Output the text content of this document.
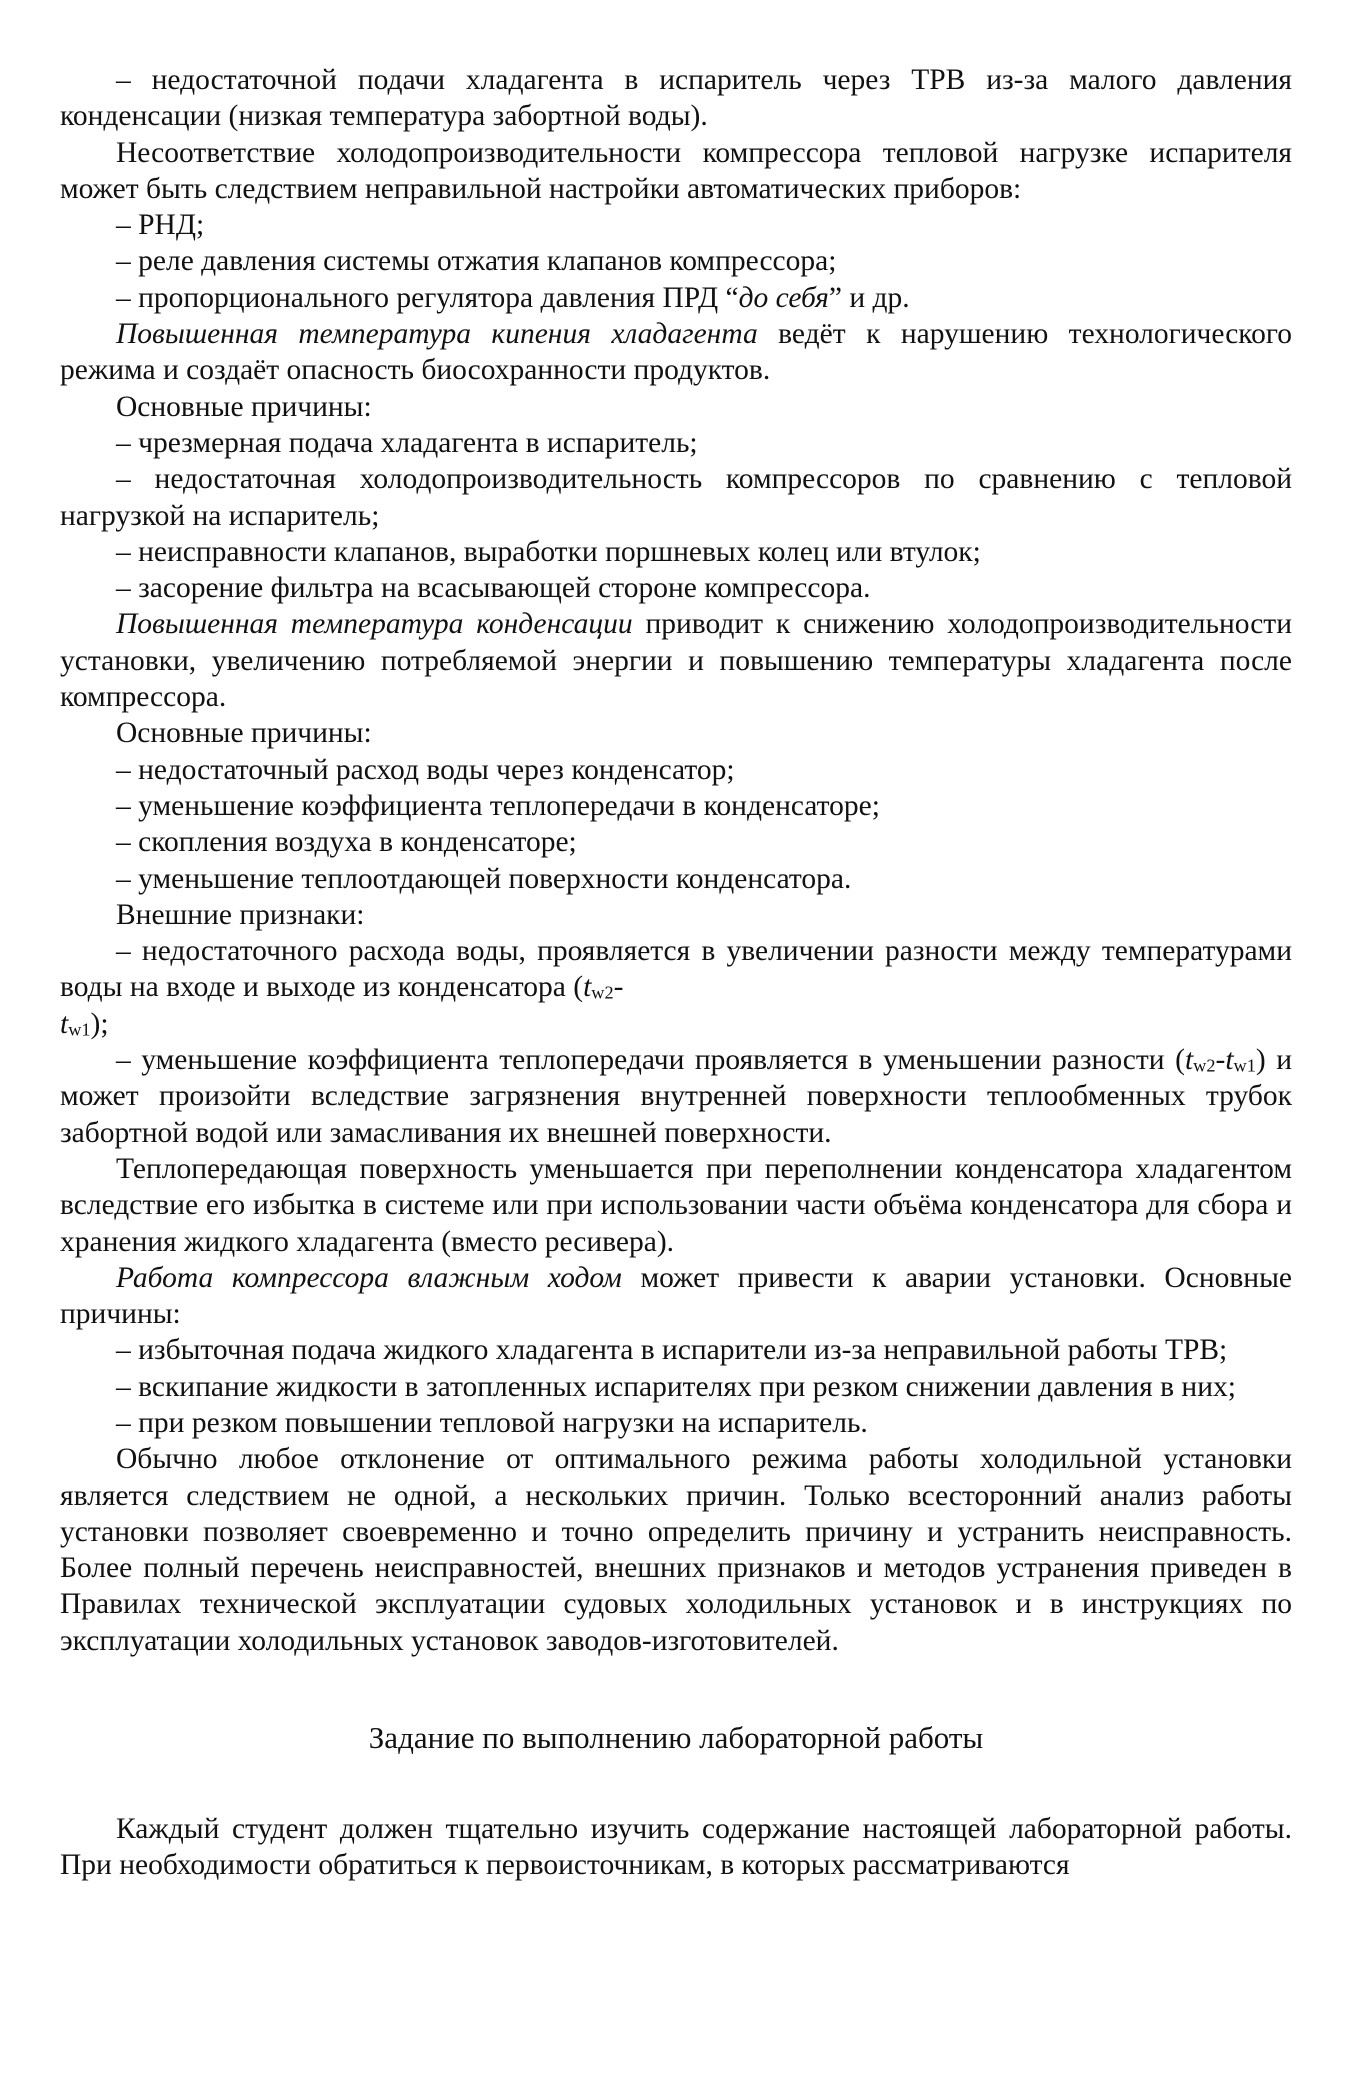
– недостаточной подачи хладагента в испаритель через ТРВ из-за малого давления конденсации (низкая температура забортной воды).

Несоответствие холодопроизводительности компрессора тепловой нагрузке испарителя может быть следствием неправильной настройки автоматических приборов:

– РНД;

– реле давления системы отжатия клапанов компрессора;

– пропорционального регулятора давления ПРД “до себя” и др.

Повышенная температура кипения хладагента ведёт к нарушению технологического режима и создаёт опасность биосохранности продуктов.

Основные причины:

– чрезмерная подача хладагента в испаритель;

– недостаточная холодопроизводительность компрессоров по сравнению с тепловой нагрузкой на испаритель;

– неисправности клапанов, выработки поршневых колец или втулок;

– засорение фильтра на всасывающей стороне компрессора.

Повышенная температура конденсации приводит к снижению холодопроизводительности установки, увеличению потребляемой энергии и повышению температуры хладагента после компрессора.

Основные причины:

– недостаточный расход воды через конденсатор;

– уменьшение коэффициента теплопередачи в конденсаторе;

– скопления воздуха в конденсаторе;

– уменьшение теплоотдающей поверхности конденсатора.

Внешние признаки:

– недостаточного расхода воды, проявляется в увеличении разности между температурами воды на входе и выходе из конденсатора ($t_{w2}-$
$t_{w1}$);

– уменьшение коэффициента теплопередачи проявляется в уменьшении разности $(t_{w2}-t_{w1})$ и может произойти вследствие загрязнения внутренней поверхности теплообменных трубок забортной водой или замасливания их внешней поверхности.

Теплопередающая поверхность уменьшается при переполнении конденсатора хладагентом вследствие его избытка в системе или при использовании части объёма конденсатора для сбора и хранения жидкого хладагента (вместо ресивера).

Работа компрессора влажным ходом может привести к аварии установки. Основные причины:

– избыточная подача жидкого хладагента в испарители из-за неправильной работы ТРВ;

– вскипание жидкости в затопленных испарителях при резком снижении давления в них;

– при резком повышении тепловой нагрузки на испаритель.

Обычно любое отклонение от оптимального режима работы холодильной установки является следствием не одной, а нескольких причин. Только всесторонний анализ работы установки позволяет своевременно и точно определить причину и устранить неисправность. Более полный перечень неисправностей, внешних признаков и методов устранения приведен в Правилах технической эксплуатации судовых холодильных установок и в инструкциях по эксплуатации холодильных установок заводов-изготовителей.

Задание по выполнению лабораторной работы

Каждый студент должен тщательно изучить содержание настоящей лабораторной работы. При необходимости обратиться к первоисточникам, в которых рассматриваются
